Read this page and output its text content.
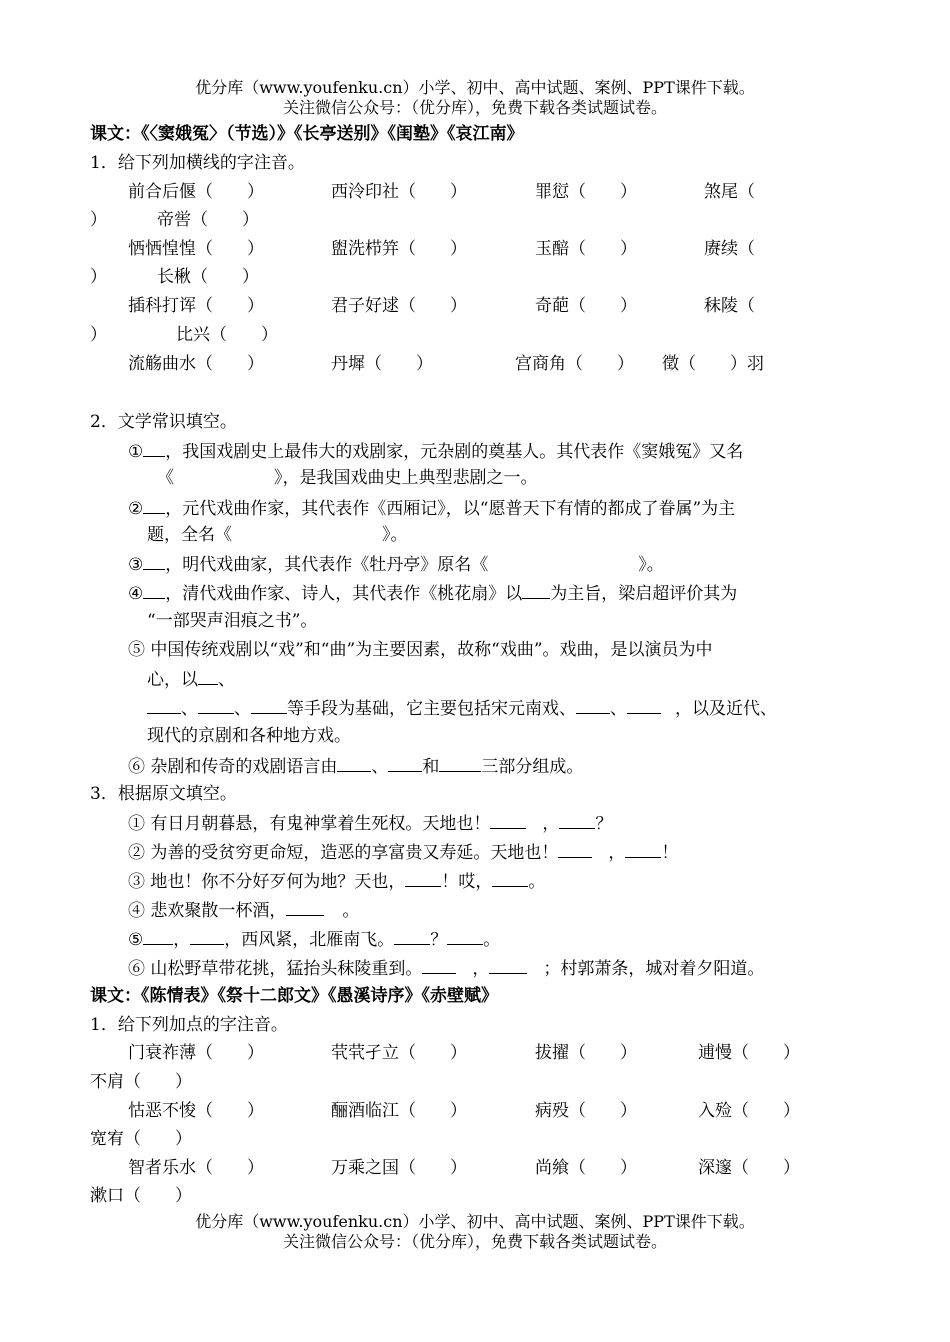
优分库（www.youfenku.cn）小学、初中、高中试题、案例、PPT课件下载。
关注微信公众号：（优分库），免费下载各类试题试卷。
课文：《〈窦娥冤〉（节选）》《长亭送别》《闺塾》《哀江南》
1．给下列加横线的字注音。
前合后偃（　　）	西泠印社（　　）	罪愆（　　）	煞尾（
）	帝喾（　　）
恓恓惶惶（　　）	盥洗栉笄（　　）	玉醅（　　）	赓续（
）	长楸（　　）
插科打诨（　　）	君子好逑（　　）	奇葩（　　）	秣陵（
）	比兴（　　）
流觞曲水（　　）	丹墀（　　）	宫商角（　　） 徵（　　）羽
2．文学常识填空。
① ，我国戏剧史上最伟大的戏剧家，元杂剧的奠基人。其代表作《窦娥冤》又名
《	》，是我国戏曲史上典型悲剧之一。
② ，元代戏曲作家，其代表作《西厢记》，以“愿普天下有情的都成了眷属”为主
题，全名《	》。
③ ，明代戏曲家，其代表作《牡丹亭》原名《	》。
④ ，清代戏曲作家、诗人，其代表作《桃花扇》以 为主旨，梁启超评价其为
“一部哭声泪痕之书”。
⑤ 中国传统戏剧以“戏”和“曲”为主要因素，故称“戏曲”。戏曲，是以演员为中
心，以 、
、 、 等手段为基础，它主要包括宋元南戏、 、	，以及近代、
现代的京剧和各种地方戏。
⑥ 杂剧和传奇的戏剧语言由 、 和 三部分组成。
3．根据原文填空。
① 有日月朝暮悬，有鬼神掌着生死权。天地也！	， ？
② 为善的受贫穷更命短，造恶的享富贵又寿延。天地也！	， ！
③ 地也！你不分好歹何为地？天也， ！哎， 。
④ 悲欢聚散一杯酒，	。
⑤ ， ，西风紧，北雁南飞。 ？ 。
⑥ 山松野草带花挑，猛抬头秣陵重到。	，	；村郭萧条，城对着夕阳道。
课文：《陈情表》《祭十二郎文》《愚溪诗序》《赤壁赋》
1．给下列加点的字注音。
门衰祚薄（　　）	茕茕孑立（　　）	拔擢（　　）	逋慢（　　）
不肩（　　）
怙恶不悛（　　）	酾酒临江（　　）	病殁（　　）	入殓（　　）
宽宥（　　）
智者乐水（　　）	万乘之国（　　）	尚飨（　　）	深邃（　　）
漱口（　　）
优分库（www.youfenku.cn）小学、初中、高中试题、案例、PPT课件下载。
关注微信公众号：（优分库），免费下载各类试题试卷。
